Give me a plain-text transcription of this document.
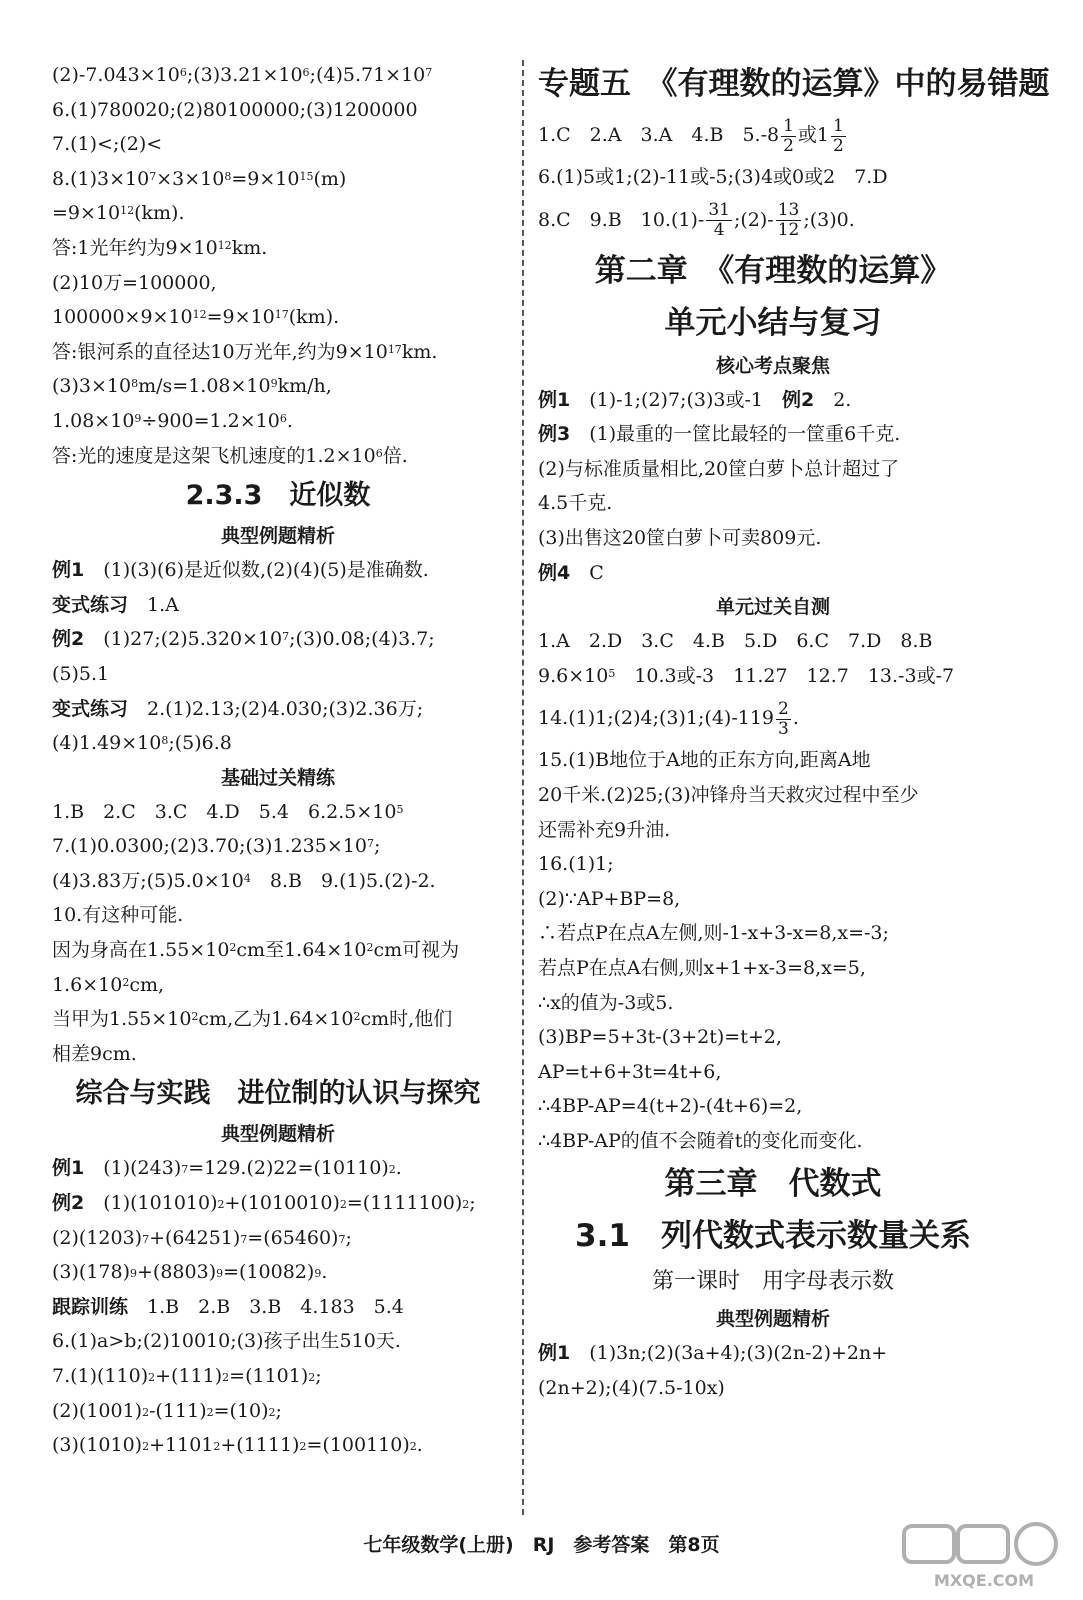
$(2)-7.043\times 10^6;(3)3.21\times 10^6;(4)5.71\times 10^7$
6.(1)780020;(2)80100000;(3)1200000
7.(1)<;(2)<
$8.(1)3\times 10^7\times 3\times 10^8=9\times 10^{15}(m)$
$=9\times 10^{12}(km)$.
答:1光年约为$9\times 10^{12}km$.
(2)10万=100000,
$100000\times 9\times 10^{12}=9\times 10^{17}(km)$.
答:银河系的直径达10万光年,约为$9\times 10^{17}km$.
$(3)3\times 10^8m/s=1.08\times 10^9km/h$,
$1.08\times 10^9\div 900=1.2\times 10^6$.
答:光的速度是这架飞机速度的$1.2\times 10^6$倍.
2.3.3　近似数
典型例题精析
例1　(1)(3)(6)是近似数,(2)(4)(5)是准确数.
变式练习　1.A
例2　$(1)27;(2)5.320\times 10^7;(3)0.08;(4)3.7$;
(5)5.1
变式练习　2.(1)2.13;(2)4.030;(3)2.36万;
$(4)1.49\times 10^8;(5)6.8$
基础过关精练
1.B　2.C　3.C　4.D　5.4　$6.2.5\times 10^5$
$7.(1)0.0300;(2)3.70;(3)1.235\times 10^7$;
(4)3.83万$;(5)5.0\times 10^4$　8.B　9.(1)5.(2)-2.
10.有这种可能.
因为身高在$1.55\times 10^2cm$至$1.64\times 10^2cm$可视为
$1.6\times 10^2cm$,
当甲为$1.55\times 10^2cm$,乙为$1.64\times 10^2cm$时,他们
相差9cm.
综合与实践　进位制的认识与探究
典型例题精析
例1　$(1)(243)_7=129.(2)22=(10110)_2$.
例2　$(1)(101010)_2+(1010010)_2=(1111100)_2$;
$(2)(1203)_7+(64251)_7=(65460)_7$;
$(3)(178)_9+(8803)_9=(10082)_9$.
跟踪训练　1.B　2.B　3.B　4.183　5.4
6.(1)a>b;(2)10010;(3)孩子出生510天.
$7.(1)(110)_2+(111)_2=(1101)_2$;
$(2)(1001)_2-(111)_2=(10)_2$;
$(3)(1010)_2+1101_2+(1111)_2=(100110)_2$.
专题五　《有理数的运算》中的易错题
1.C　2.A　3.A　4.B　$5.-8 \frac{1}{2}$ 或$1 \frac{1}{2}$
6.(1)5或1;(2)-11或-5;(3)4或0或2　7.D
8.C　9.B　$10.(1)- \frac{31}{4}$ ;(2)- $\frac{13}{12}$ ;(3)0.
第二章　《有理数的运算》
单元小结与复习
核心考点聚焦
例1　(1)-1;(2)7;(3)3或-1　例2　2.
例3　(1)最重的一筐比最轻的一筐重6千克.
(2)与标准质量相比,20筐白萝卜总计超过了
4.5千克.
(3)出售这20筐白萝卜可卖809元.
例4　C
单元过关自测
1.A　2.D　3.C　4.B　5.D　6.C　7.D　8.B
$9.6\times 10^5$　10.3或-3　11.27　12.7　13.-3或-7
14.(1)1;(2)4;(3)1;(4)-119 $\frac{2}{3}$ .
15.(1)B地位于A地的正东方向,距离A地
20千米.(2)25;(3)冲锋舟当天救灾过程中至少
还需补充9升油.
16.(1)1;
(2)∵AP+BP=8,
∴若点P在点A左侧,则-1-x+3-x=8,x=-3;
若点P在点A右侧,则x+1+x-3=8,x=5,
∴x的值为-3或5.
(3)BP=5+3t-(3+2t)=t+2,
AP=t+6+3t=4t+6,
∴4BP-AP=4(t+2)-(4t+6)=2,
∴4BP-AP的值不会随着t的变化而变化.
第三章　代数式
3.1　列代数式表示数量关系
第一课时　用字母表示数
典型例题精析
例1　(1)3n;(2)(3a+4);(3)(2n-2)+2n+
(2n+2);(4)(7.5-10x)
七年级数学(上册)　RJ　参考答案　第8页
MXQE.COM
